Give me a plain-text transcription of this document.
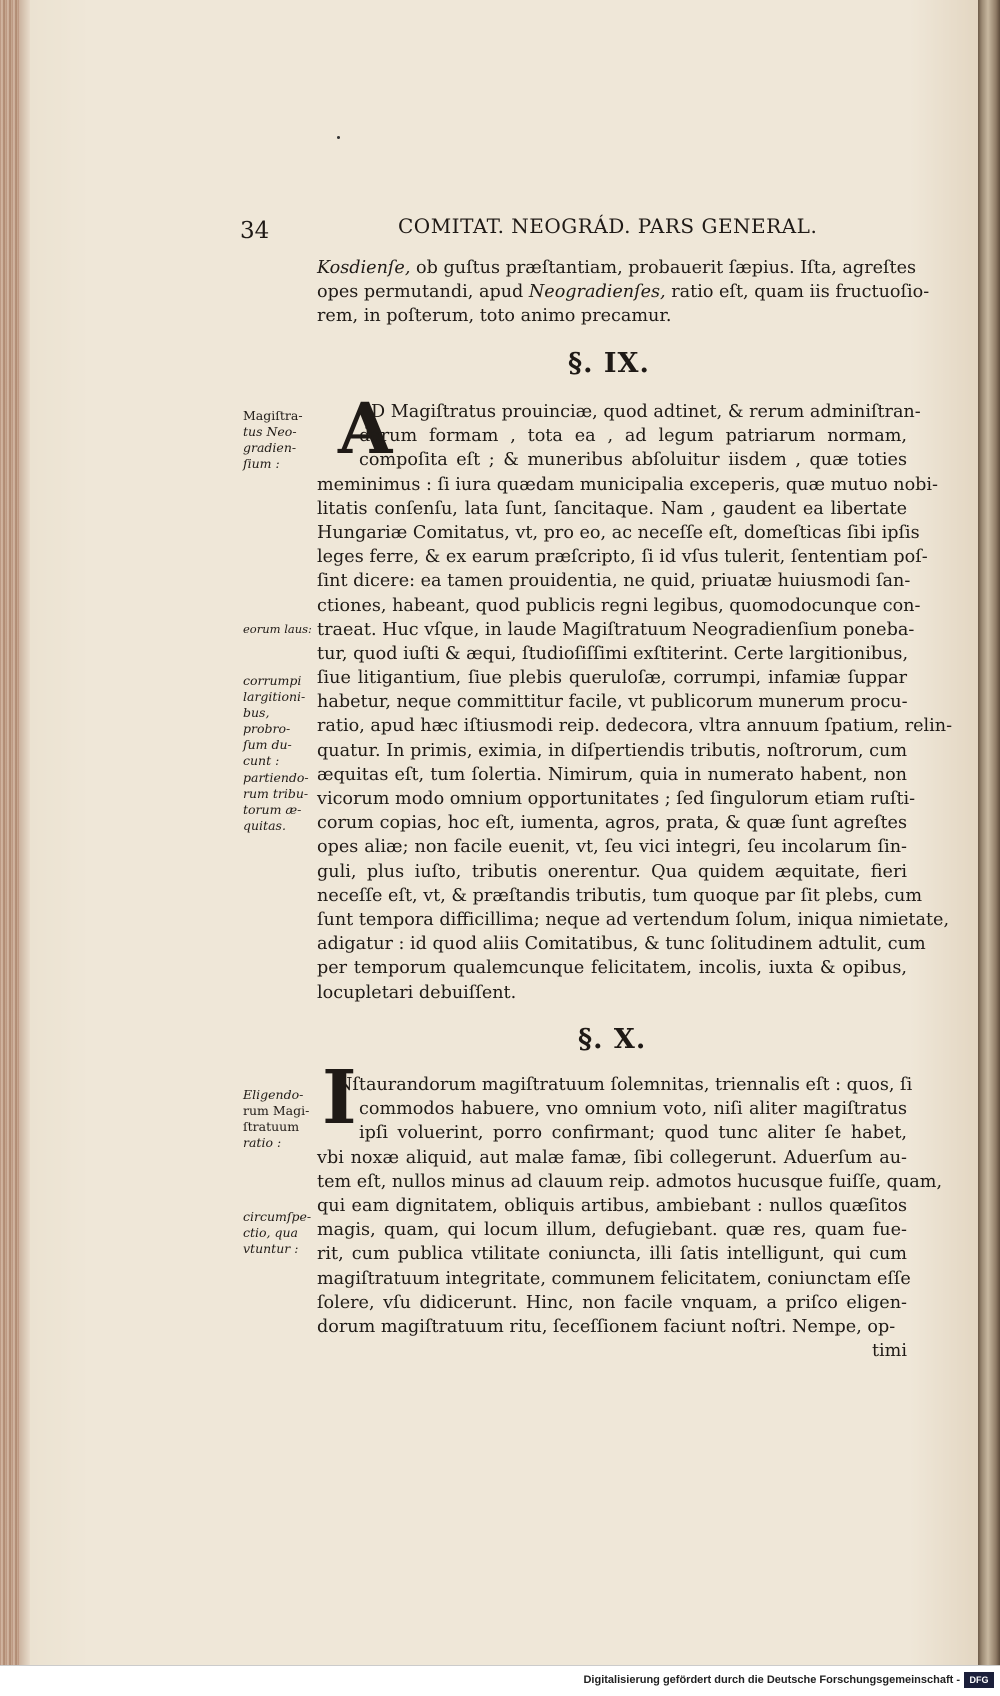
34	COMITAT. NEOGRÁD. PARS GENERAL.
Kosdienſe, ob guſtus præſtantiam, probauerit ſæpius. Iſta, agreſtes
opes permutandi, apud Neogradienſes, ratio eſt, quam iis fructuoſio-
rem, in poſterum, toto animo precamur.
§. IX.
A
D Magiſtratus prouinciæ, quod adtinet, & rerum adminiſtran-
darum formam , tota ea , ad legum patriarum normam,
compoſita eſt ; & muneribus abſoluitur iisdem , quæ toties
meminimus : ſi iura quædam municipalia exceperis, quæ mutuo nobi-
litatis conſenſu, lata ſunt, ſancitaque. Nam , gaudent ea libertate
Hungariæ Comitatus, vt, pro eo, ac neceſſe eſt, domeſticas ſibi ipſis
leges ferre, & ex earum præſcripto, ſi id vſus tulerit, ſententiam poſ-
ſint dicere: ea tamen prouidentia, ne quid, priuatæ huiusmodi ſan-
ctiones, habeant, quod publicis regni legibus, quomodocunque con-
traeat. Huc vſque, in laude Magiſtratuum Neogradienſium poneba-
tur, quod iuſti & æqui, ſtudioſiſſimi exſtiterint. Certe largitionibus,
ſiue litigantium, ſiue plebis queruloſæ, corrumpi, infamiæ ſuppar
habetur, neque committitur facile, vt publicorum munerum procu-
ratio, apud hæc iſtiusmodi reip. dedecora, vltra annuum ſpatium, relin-
quatur. In primis, eximia, in diſpertiendis tributis, noſtrorum, cum
æquitas eſt, tum ſolertia. Nimirum, quia in numerato habent, non
vicorum modo omnium opportunitates ; ſed ſingulorum etiam ruſti-
corum copias, hoc eſt, iumenta, agros, prata, & quæ ſunt agreſtes
opes aliæ; non facile euenit, vt, ſeu vici integri, ſeu incolarum ſin-
guli, plus iuſto, tributis onerentur. Qua quidem æquitate, fieri
neceſſe eſt, vt, & præſtandis tributis, tum quoque par ſit plebs, cum
ſunt tempora difficillima; neque ad vertendum ſolum, iniqua nimietate,
adigatur : id quod aliis Comitatibus, & tunc ſolitudinem adtulit, cum
per temporum qualemcunque felicitatem, incolis, iuxta & opibus,
locupletari debuiſſent.
§. X.
I
Nſtaurandorum magiſtratuum ſolemnitas, triennalis eſt : quos, ſi
commodos habuere, vno omnium voto, niſi aliter magiſtratus
ipſi voluerint, porro confirmant; quod tunc aliter ſe habet,
vbi noxæ aliquid, aut malæ famæ, ſibi collegerunt. Aduerſum au-
tem eſt, nullos minus ad clauum reip. admotos hucusque fuiſſe, quam,
qui eam dignitatem, obliquis artibus, ambiebant : nullos quæſitos
magis, quam, qui locum illum, defugiebant. quæ res, quam fue-
rit, cum publica vtilitate coniuncta, illi ſatis intelligunt, qui cum
magiſtratuum integritate, communem felicitatem, coniunctam eſſe
ſolere, vſu didicerunt. Hinc, non facile vnquam, a priſco eligen-
dorum magiſtratuum ritu, ſeceſſionem faciunt noſtri. Nempe, op-
timi
Magiſtra-
tus Neo-
gradien-
ſium :
eorum laus:
corrumpi
largitioni-
bus, probro-
ſum du-
cunt :
partiendo-
rum tribu-
torum æ-
quitas.
Eligendo-
rum Magi-
ſtratuum
ratio :
circumſpe-
ctio, qua
vtuntur :
Digitalisierung gefördert durch die Deutsche Forschungsgemeinschaft -	DFG
